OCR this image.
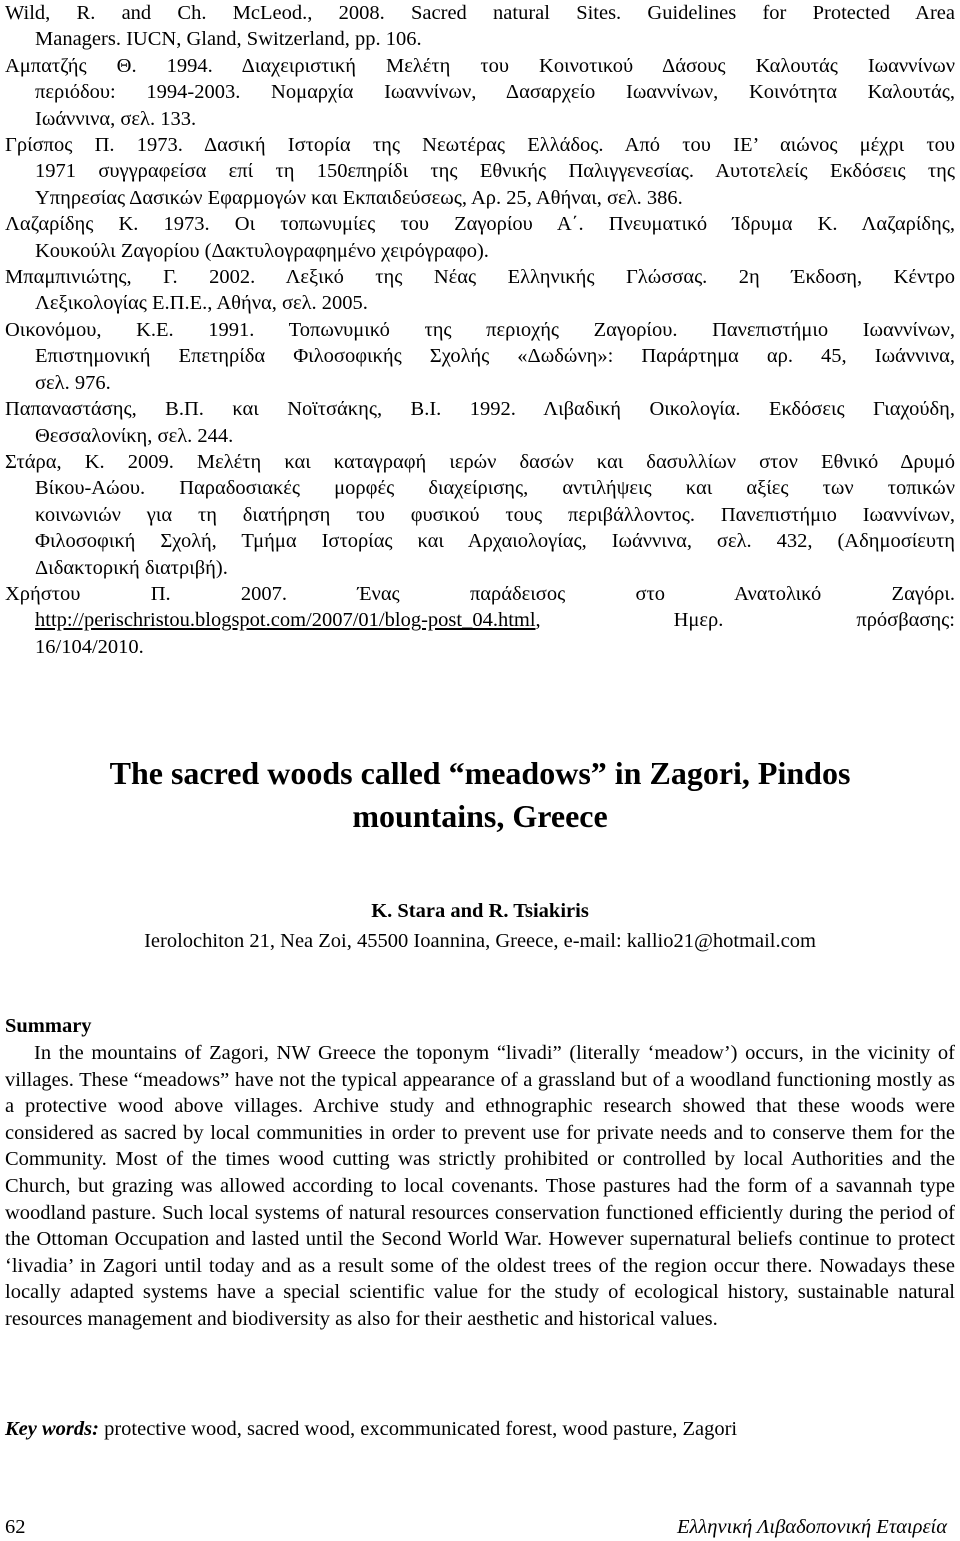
Wild, R. and Ch. McLeod., 2008. Sacred natural Sites. Guidelines for Protected Area
Managers. IUCN, Gland, Switzerland, pp. 106.
Αμπατζής Θ. 1994. Διαχειριστική Μελέτη του Κοινοτικού Δάσους Καλουτάς Ιωαννίνων
περιόδου: 1994-2003. Νομαρχία Ιωαννίνων, Δασαρχείο Ιωαννίνων, Κοινότητα Καλουτάς,
Ιωάννινα, σελ. 133.
Γρίσπος Π. 1973. Δασική Ιστορία της Νεωτέρας Ελλάδος. Από του ΙΕ’ αιώνος μέχρι του
1971 συγγραφείσα επί τη 150επηρίδι της Εθνικής Παλιγγενεσίας. Αυτοτελείς Εκδόσεις της
Υπηρεσίας Δασικών Εφαρμογών και Εκπαιδεύσεως, Αρ. 25, Αθήναι, σελ. 386.
Λαζαρίδης Κ. 1973. Οι τοπωνυμίες του Ζαγορίου Α΄. Πνευματικό Ίδρυμα Κ. Λαζαρίδης,
Κουκούλι Ζαγορίου (Δακτυλογραφημένο χειρόγραφο).
Μπαμπινιώτης, Γ. 2002. Λεξικό της Νέας Ελληνικής Γλώσσας. 2η Έκδοση, Κέντρο
Λεξικολογίας Ε.Π.Ε., Αθήνα, σελ. 2005.
Οικονόμου, Κ.Ε. 1991. Τοπωνυμικό της περιοχής Ζαγορίου. Πανεπιστήμιο Ιωαννίνων,
Επιστημονική Επετηρίδα Φιλοσοφικής Σχολής «Δωδώνη»: Παράρτημα αρ. 45, Ιωάννινα,
σελ. 976.
Παπαναστάσης, Β.Π. και Νοϊτσάκης, Β.Ι. 1992. Λιβαδική Οικολογία. Εκδόσεις Γιαχούδη,
Θεσσαλονίκη, σελ. 244.
Στάρα, Κ. 2009. Μελέτη και καταγραφή ιερών δασών και δασυλλίων στον Εθνικό Δρυμό
Βίκου-Αώου. Παραδοσιακές μορφές διαχείρισης, αντιλήψεις και αξίες των τοπικών
κοινωνιών για τη διατήρηση του φυσικού τους περιβάλλοντος. Πανεπιστήμιο Ιωαννίνων,
Φιλοσοφική Σχολή, Τμήμα Ιστορίας και Αρχαιολογίας, Ιωάννινα, σελ. 432, (Αδημοσίευτη
Διδακτορική διατριβή).
Χρήστου Π. 2007. Ένας παράδεισος στο Ανατολικό Ζαγόρι.
http://perischristou.blogspot.com/2007/01/blog-post_04.html, Ημερ. πρόσβασης:
16/104/2010.
The sacred woods called “meadows” in Zagori, Pindos
mountains, Greece

K. Stara and R. Tsiakiris

Ierolochiton 21, Nea Zoi, 45500 Ioannina, Greece, e-mail: kallio21@hotmail.com

Summary

In the mountains of Zagori, NW Greece the toponym “livadi” (literally ‘meadow’) occurs, in the vicinity of villages. These “meadows” have not the typical appearance of a grassland but of a woodland functioning mostly as a protective wood above villages. Archive study and ethnographic research showed that these woods were considered as sacred by local communities in order to prevent use for private needs and to conserve them for the Community. Most of the times wood cutting was strictly prohibited or controlled by local Authorities and the Church, but grazing was allowed according to local covenants. Those pastures had the form of a savannah type woodland pasture. Such local systems of natural resources conservation functioned efficiently during the period of the Ottoman Occupation and lasted until the Second World War. However supernatural beliefs continue to protect ‘livadia’ in Zagori until today and as a result some of the oldest trees of the region occur there. Nowadays these locally adapted systems have a special scientific value for the study of ecological history, sustainable natural resources management and biodiversity as also for their aesthetic and historical values.

Key words: protective wood, sacred wood, excommunicated forest, wood pasture, Zagori

62	Ελληνική Λιβαδοπονική Εταιρεία
